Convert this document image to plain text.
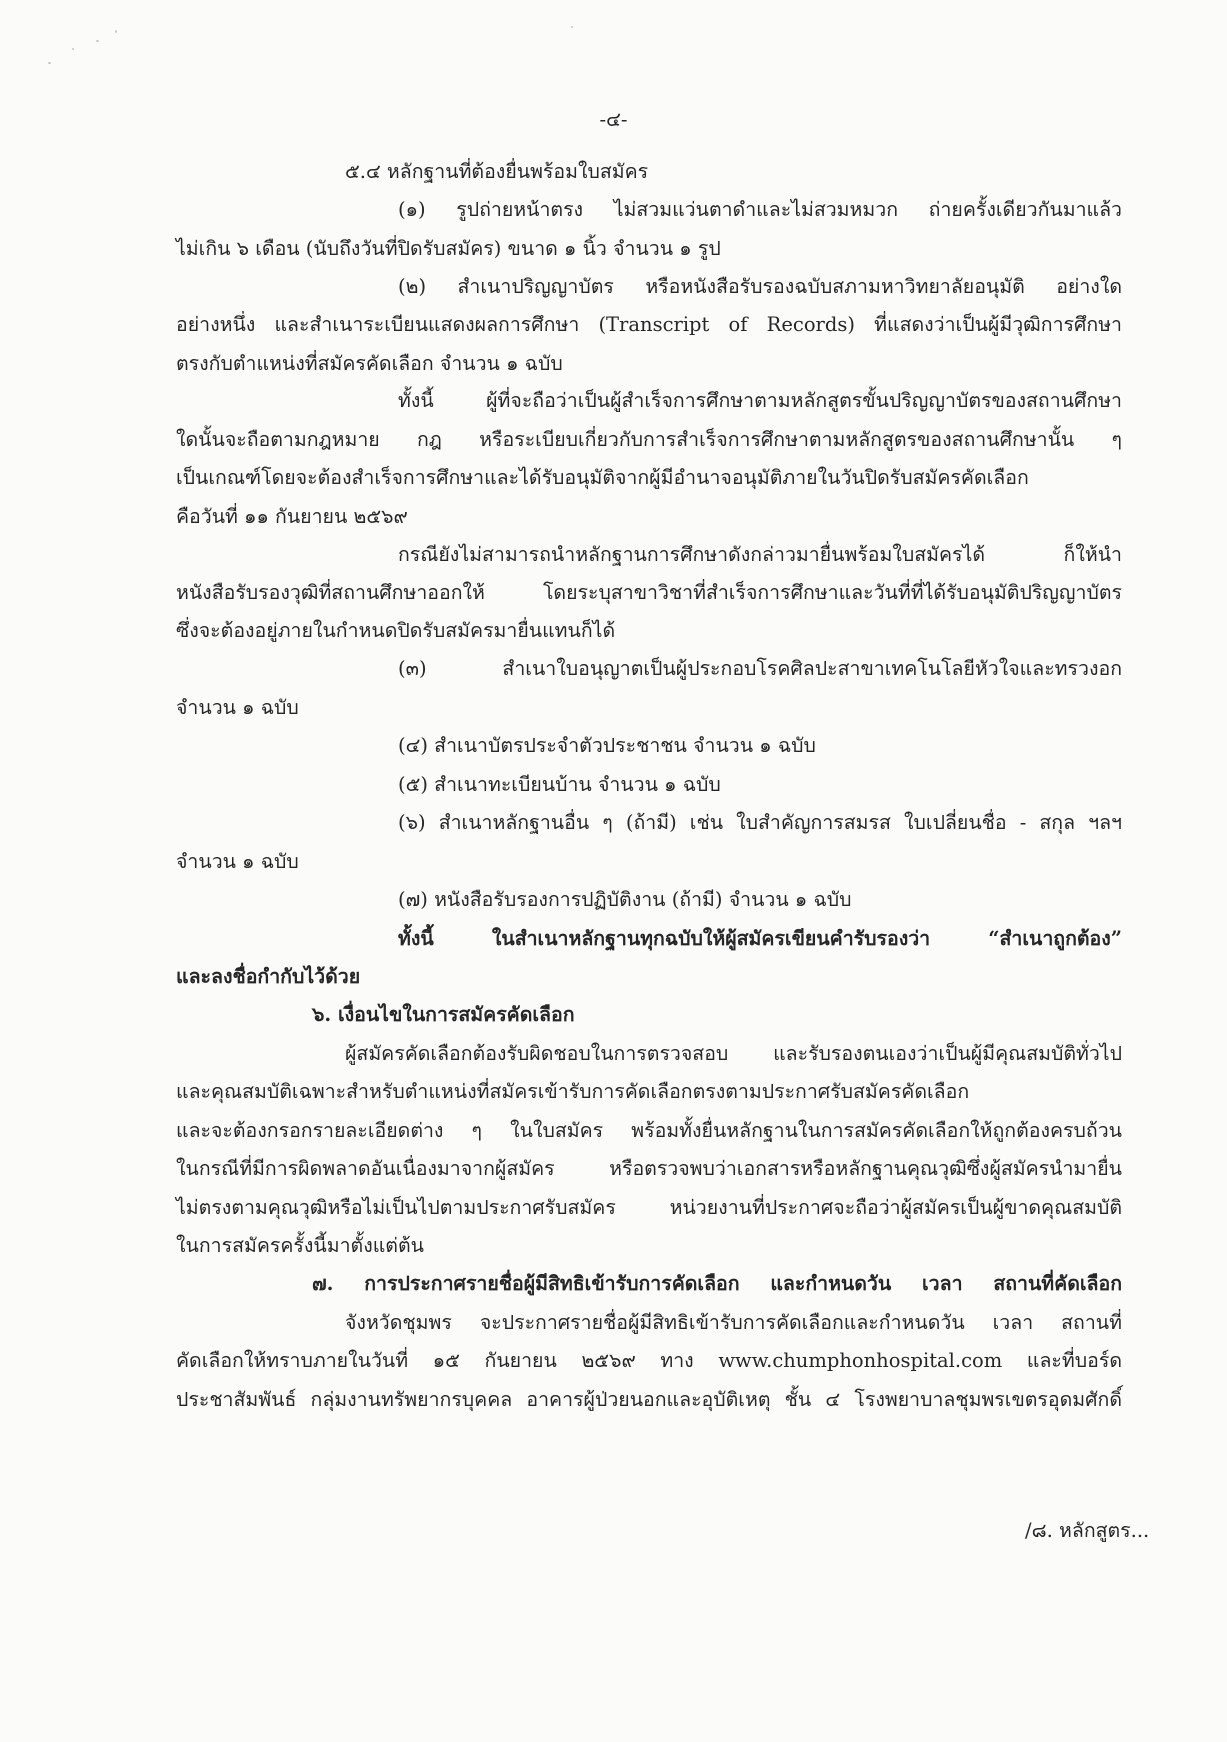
-๔-
๕.๔ หลักฐานที่ต้องยื่นพร้อมใบสมัคร
(๑) รูปถ่ายหน้าตรง ไม่สวมแว่นตาดำและไม่สวมหมวก ถ่ายครั้งเดียวกันมาแล้ว
ไม่เกิน ๖ เดือน (นับถึงวันที่ปิดรับสมัคร) ขนาด ๑ นิ้ว จำนวน ๑ รูป
(๒) สำเนาปริญญาบัตร หรือหนังสือรับรองฉบับสภามหาวิทยาลัยอนุมัติ อย่างใด
อย่างหนึ่ง และสำเนาระเบียนแสดงผลการศึกษา (Transcript of Records) ที่แสดงว่าเป็นผู้มีวุฒิการศึกษา
ตรงกับตำแหน่งที่สมัครคัดเลือก จำนวน ๑ ฉบับ
ทั้งนี้ ผู้ที่จะถือว่าเป็นผู้สำเร็จการศึกษาตามหลักสูตรขั้นปริญญาบัตรของสถานศึกษา
ใดนั้นจะถือตามกฎหมาย กฎ หรือระเบียบเกี่ยวกับการสำเร็จการศึกษาตามหลักสูตรของสถานศึกษานั้น ๆ
เป็นเกณฑ์โดยจะต้องสำเร็จการศึกษาและได้รับอนุมัติจากผู้มีอำนาจอนุมัติภายในวันปิดรับสมัครคัดเลือก
คือวันที่ ๑๑ กันยายน ๒๕๖๙
กรณียังไม่สามารถนำหลักฐานการศึกษาดังกล่าวมายื่นพร้อมใบสมัครได้ ก็ให้นำ
หนังสือรับรองวุฒิที่สถานศึกษาออกให้ โดยระบุสาขาวิชาที่สำเร็จการศึกษาและวันที่ที่ได้รับอนุมัติปริญญาบัตร
ซึ่งจะต้องอยู่ภายในกำหนดปิดรับสมัครมายื่นแทนก็ได้
(๓) สำเนาใบอนุญาตเป็นผู้ประกอบโรคศิลปะสาขาเทคโนโลยีหัวใจและทรวงอก
จำนวน ๑ ฉบับ
(๔) สำเนาบัตรประจำตัวประชาชน จำนวน ๑ ฉบับ
(๕) สำเนาทะเบียนบ้าน จำนวน ๑ ฉบับ
(๖) สำเนาหลักฐานอื่น ๆ (ถ้ามี) เช่น ใบสำคัญการสมรส ใบเปลี่ยนชื่อ - สกุล ฯลฯ
จำนวน ๑ ฉบับ
(๗) หนังสือรับรองการปฏิบัติงาน (ถ้ามี) จำนวน ๑ ฉบับ
ทั้งนี้ ในสำเนาหลักฐานทุกฉบับให้ผู้สมัครเขียนคำรับรองว่า “สำเนาถูกต้อง”
และลงชื่อกำกับไว้ด้วย
๖. เงื่อนไขในการสมัครคัดเลือก
ผู้สมัครคัดเลือกต้องรับผิดชอบในการตรวจสอบ และรับรองตนเองว่าเป็นผู้มีคุณสมบัติทั่วไป
และคุณสมบัติเฉพาะสำหรับตำแหน่งที่สมัครเข้ารับการคัดเลือกตรงตามประกาศรับสมัครคัดเลือก
และจะต้องกรอกรายละเอียดต่าง ๆ ในใบสมัคร พร้อมทั้งยื่นหลักฐานในการสมัครคัดเลือกให้ถูกต้องครบถ้วน
ในกรณีที่มีการผิดพลาดอันเนื่องมาจากผู้สมัคร หรือตรวจพบว่าเอกสารหรือหลักฐานคุณวุฒิซึ่งผู้สมัครนำมายื่น
ไม่ตรงตามคุณวุฒิหรือไม่เป็นไปตามประกาศรับสมัคร หน่วยงานที่ประกาศจะถือว่าผู้สมัครเป็นผู้ขาดคุณสมบัติ
ในการสมัครครั้งนี้มาตั้งแต่ต้น
๗. การประกาศรายชื่อผู้มีสิทธิเข้ารับการคัดเลือก และกำหนดวัน เวลา สถานที่คัดเลือก
จังหวัดชุมพร จะประกาศรายชื่อผู้มีสิทธิเข้ารับการคัดเลือกและกำหนดวัน เวลา สถานที่
คัดเลือกให้ทราบภายในวันที่ ๑๕ กันยายน ๒๕๖๙ ทาง www.chumphonhospital.com และที่บอร์ด
ประชาสัมพันธ์ กลุ่มงานทรัพยากรบุคคล อาคารผู้ป่วยนอกและอุบัติเหตุ ชั้น ๔ โรงพยาบาลชุมพรเขตรอุดมศักดิ์
/๘. หลักสูตร...
